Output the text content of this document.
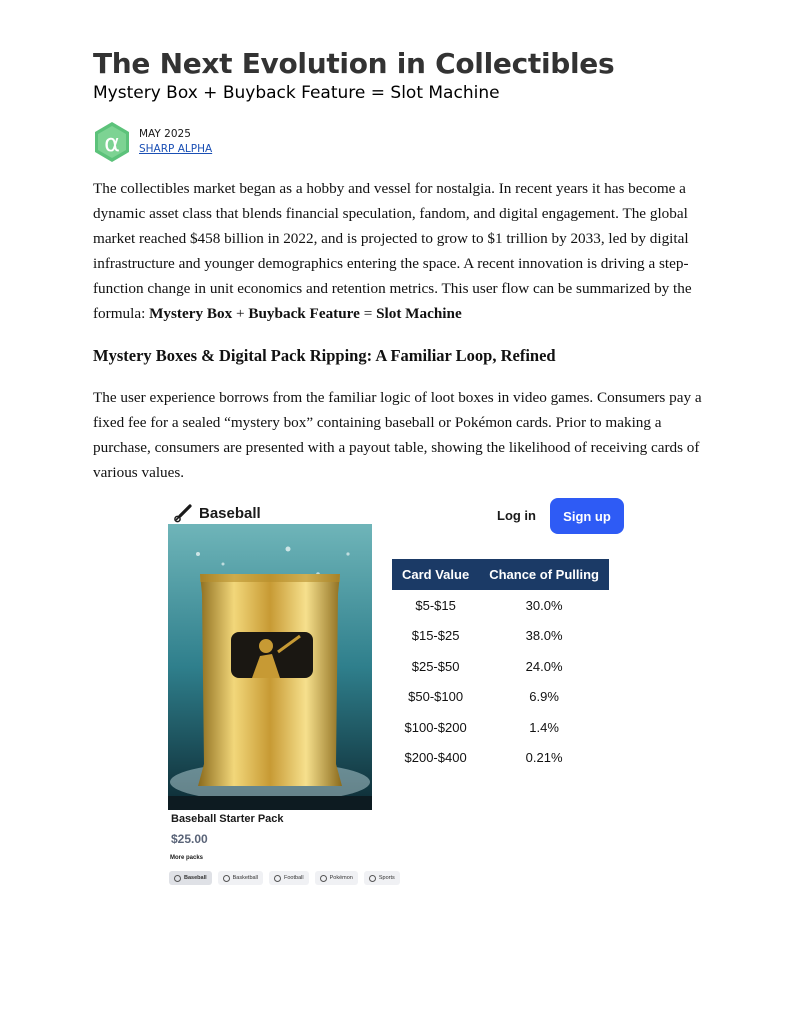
The Next Evolution in Collectibles
Mystery Box + Buyback Feature = Slot Machine
α MAY 2025
SHARP ALPHA

The collectibles market began as a hobby and vessel for nostalgia. In recent years it has become a dynamic asset class that blends financial speculation, fandom, and digital engagement. The global market reached $458 billion in 2022, and is projected to grow to $1 trillion by 2033, led by digital infrastructure and younger demographics entering the space. A recent innovation is driving a step-function change in unit economics and retention metrics. This user flow can be summarized by the formula: Mystery Box + Buyback Feature = Slot Machine

Mystery Boxes & Digital Pack Ripping: A Familiar Loop, Refined

The user experience borrows from the familiar logic of loot boxes in video games. Consumers pay a fixed fee for a sealed “mystery box” containing baseball or Pokémon cards. Prior to making a purchase, consumers are presented with a payout table, showing the likelihood of receiving cards of various values.

Baseball	Log in	Sign up
Baseball Starter Pack
$25.00
More packs
Baseball	Basketball	Football	Pokémon	Sports
Card Value	Chance of Pulling
$5-$15	30.0%
$15-$25	38.0%
$25-$50	24.0%
$50-$100	6.9%
$100-$200	1.4%
$200-$400	0.21%
